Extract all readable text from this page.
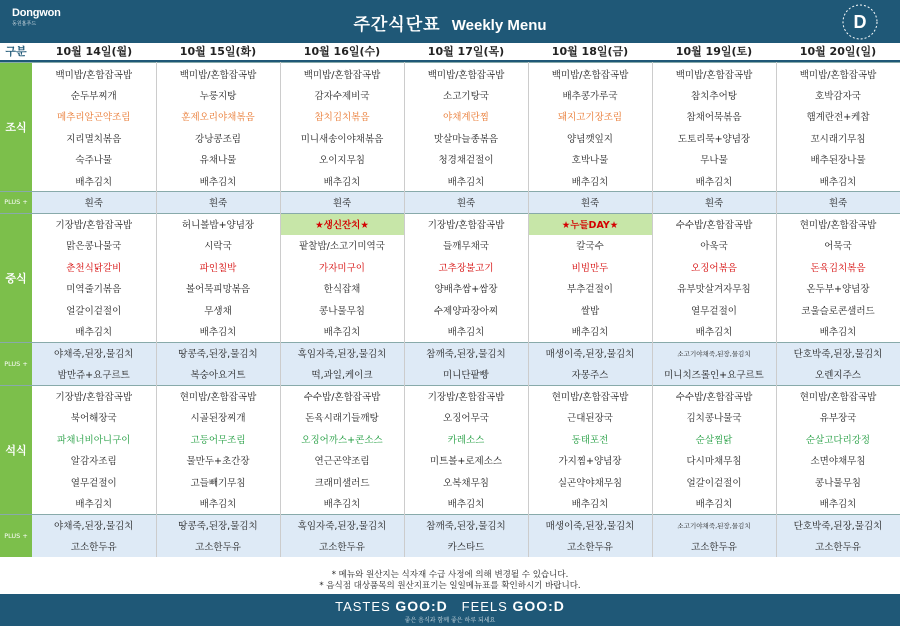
Dongwon
동원홈푸드	주간식단표 Weekly Menu	D
구분	10월 14일(월)	10월 15일(화)	10월 16일(수)	10월 17일(목)	10월 18일(금)	10월 19일(토)	10월 20일(일)
조식	백미밥/혼합잡곡밥	백미밥/혼합잡곡밥	백미밥/혼합잡곡밥	백미밥/혼합잡곡밥	백미밥/혼합잡곡밥	백미밥/혼합잡곡밥	백미밥/혼합잡곡밥
	순두부찌개	누룽지탕	감자수제비국	소고기탕국	배추콩가루국	참치추어탕	호박감자국
	메추리알곤약조림	훈제오리야채볶음	참치김치볶음	야채계란찜	돼지고기장조림	참채어묵볶음	햄계란전+케찹
	지리멸치볶음	강낭콩조림	미니새송이야채볶음	맛살마늘종볶음	양념깻잎지	도토리묵+양념장	꼬시래기무침
	숙주나물	유채나물	오이지무침	청경채겉절이	호박나물	무나물	배추된장나물
	배추김치	배추김치	배추김치	배추김치	배추김치	배추김치	배추김치
PLUS +	흰죽	흰죽	흰죽	흰죽	흰죽	흰죽	흰죽
중식	기장밥/혼합잡곡밥	허니볼밥+양념장	★생신잔치★	기장밥/혼합잡곡밥	★누들DAY★	수수밥/혼합잡곡밥	현미밥/혼합잡곡밥
	맑은콩나물국	시락국	팥찰밥/소고기미역국	들깨무채국	칼국수	아욱국	어묵국
	춘천식닭갈비	파인칠박	가자미구이	고추장불고기	비빔만두	오징어볶음	돈육김치볶음
	미역줄기볶음	볼어묵피망볶음	한식잡채	양배추쌈+쌈장	부추겉절이	유부맛살겨자무침	온두부+양념장
	얼갈이겉절이	무생채	콩나물무침	수제양파장아찌	쌀밥	열무겉절이	코울슬로콘샐러드
	배추김치	배추김치	배추김치	배추김치	배추김치	배추김치	배추김치
PLUS +	야채죽,된장,물김치	땅콩죽,된장,물김치	흑임자죽,된장,물김치	참깨죽,된장,물김치	매생이죽,된장,물김치	소고기야채죽,된장,물김치	단호박죽,된장,물김치
	밤만쥬+요구르트	복숭아요거트	떡,과일,케이크	미니단팥빵	자몽주스	미니치즈롤인+요구르트	오렌지주스
석식	기장밥/혼합잡곡밥	현미밥/혼합잡곡밥	수수밥/혼합잡곡밥	기장밥/혼합잡곡밥	현미밥/혼합잡곡밥	수수밥/혼합잡곡밥	현미밥/혼합잡곡밥
	북어해장국	시골된장찌개	돈육시래기들깨탕	오징어무국	근대된장국	김치콩나물국	유부장국
	파채너비아니구이	고등어무조림	오징어까스+콘소스	카레소스	동태포전	순살찜닭	순살고다리강정
	알감자조림	물만두+초간장	연근곤약조림	미트볼+로제소스	가지찜+양념장	다시마채무침	소면야채무침
	열무겉절이	고들빼기무침	크래미샐러드	오복채무침	실곤약야채무침	얼갈이겉절이	콩나물무침
	배추김치	배추김치	배추김치	배추김치	배추김치	배추김치	배추김치
PLUS +	야채죽,된장,물김치	땅콩죽,된장,물김치	흑임자죽,된장,물김치	참깨죽,된장,물김치	매생이죽,된장,물김치	소고기야채죽,된장,물김치	단호박죽,된장,물김치
	고소한두유	고소한두유	고소한두유	카스타드	고소한두유	고소한두유	고소한두유
* 메뉴와 원산지는 식자재 수급 사정에 의해 변경될 수 있습니다.
* 음식점 대상품목의 원산지표기는 일일메뉴표를 확인하시기 바랍니다.
TASTES GOO:D FEELS GOO:D
좋은 음식과 함께 좋은 하루 되세요
